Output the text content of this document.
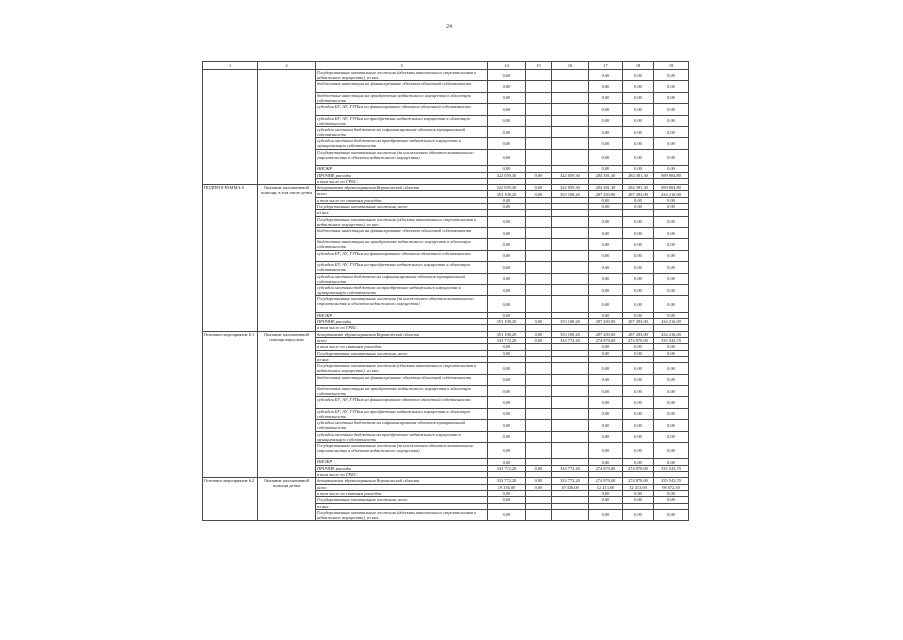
24
1	2	3	14	15	16	17	18	19
		Государственные капитальные вложения (объекты капитального строительства и недвижимое имущество), из них:	0,00			0,00	0,00	0,00
		бюджетные инвестиции на финансирование объектов областной собственности	0,00			0,00	0,00	0,00
		бюджетные инвестиции на приобретение недвижимого имущества в областную собственность	0,00			0,00	0,00	0,00
		субсидии БУ, АУ, ГУПам на финансирование объектов областной собственности	0,00			0,00	0,00	0,00
		субсидии БУ, АУ, ГУПам на приобретение недвижимого имущества в областную собственность	0,00			0,00	0,00	0,00
		субсидии местным бюджетам на софинансирование объектов муниципальной собственности	0,00			0,00	0,00	0,00
		субсидии местным бюджетам на приобретение недвижимого имущества в муниципальную собственность	0,00			0,00	0,00	0,00
		Государственные капитальные вложения (за исключением объектов капитального строительства и объектов недвижимого имущества)	0,00			0,00	0,00	0,00
		НИОКР	0,00			0,00	0,00	0,00
		ПРОЧИЕ расходы	322 059,30	0,00	322 059,30	284 381,30	284 381,30	699 004,80
		в том числе по ГРБС:						
ПОДПРОГРАММА 6	Оказание паллиативной помощи, в том числе детям	департамент здравоохранения Воронежской области	322 059,30	0,00	322 059,30	284 381,30	284 381,30	699 004,80
		всего	353 108,20	0,00	353 108,20	287 283,00	287 283,00	434 216,00
		в том числе по статьям расходов:	0,00			0,00	0,00	0,00
		Государственные капитальные вложения, всего	0,00			0,00	0,00	0,00
		из них:						
		Государственные капитальные вложения (объекты капитального строительства и недвижимое имущество), из них:	0,00			0,00	0,00	0,00
		бюджетные инвестиции на финансирование объектов областной собственности	0,00			0,00	0,00	0,00
		бюджетные инвестиции на приобретение недвижимого имущества в областную собственность	0,00			0,00	0,00	0,00
		субсидии БУ, АУ, ГУПам на финансирование объектов областной собственности	0,00			0,00	0,00	0,00
		субсидии БУ, АУ, ГУПам на приобретение недвижимого имущества в областную собственность	0,00			0,00	0,00	0,00
		субсидии местным бюджетам на софинансирование объектов муниципальной собственности	0,00			0,00	0,00	0,00
		субсидии местным бюджетам на приобретение недвижимого имущества в муниципальную собственность	0,00			0,00	0,00	0,00
		Государственные капитальные вложения (за исключением объектов капитального строительства и объектов недвижимого имущества)	0,00			0,00	0,00	0,00
		НИОКР	0,00			0,00	0,00	0,00
		ПРОЧИЕ расходы	353 108,20	0,00	353 108,20	287 283,00	287 283,00	434 216,00
		в том числе по ГРБС:						
Основное мероприятие 6.1	Оказание паллиативной помощи взрослым	департамент здравоохранения Воронежской области	353 108,20	0,00	353 108,20	287 283,00	287 283,00	434 216,00
		всего	333 772,20	0,00	333 772,20	274 870,00	274 870,00	335 543,70
		в том числе по статьям расходов:	0,00			0,00	0,00	0,00
		Государственные капитальные вложения, всего	0,00			0,00	0,00	0,00
		из них:						
		Государственные капитальные вложения (объекты капитального строительства и недвижимое имущество), из них:	0,00			0,00	0,00	0,00
		бюджетные инвестиции на финансирование объектов областной собственности	0,00			0,00	0,00	0,00
		бюджетные инвестиции на приобретение недвижимого имущества в областную собственность	0,00			0,00	0,00	0,00
		субсидии БУ, АУ, ГУПам на финансирование объектов областной собственности	0,00			0,00	0,00	0,00
		субсидии БУ, АУ, ГУПам на приобретение недвижимого имущества в областную собственность	0,00			0,00	0,00	0,00
		субсидии местным бюджетам на софинансирование объектов муниципальной собственности	0,00			0,00	0,00	0,00
		субсидии местным бюджетам на приобретение недвижимого имущества в муниципальную собственность	0,00			0,00	0,00	0,00
		Государственные капитальные вложения (за исключением объектов капитального строительства и объектов недвижимого имущества)	0,00			0,00	0,00	0,00
		НИОКР	0,00			0,00	0,00	0,00
		ПРОЧИЕ расходы	333 772,20	0,00	333 772,20	274 870,00	274 870,00	335 543,70
		в том числе по ГРБС:						
Основное мероприятие 6.2	Оказание паллиативной помощи детям	департамент здравоохранения Воронежской области	333 772,20	0,00	333 772,20	274 870,00	274 870,00	335 543,70
		всего	19 336,00	0,00	19 336,00	12 413,00	12 413,00	98 672,30
		в том числе по статьям расходов:	0,00			0,00	0,00	0,00
		Государственные капитальные вложения, всего	0,00			0,00	0,00	0,00
		из них:						
		Государственные капитальные вложения (объекты капитального строительства и недвижимое имущество), из них:	0,00			0,00	0,00	0,00
